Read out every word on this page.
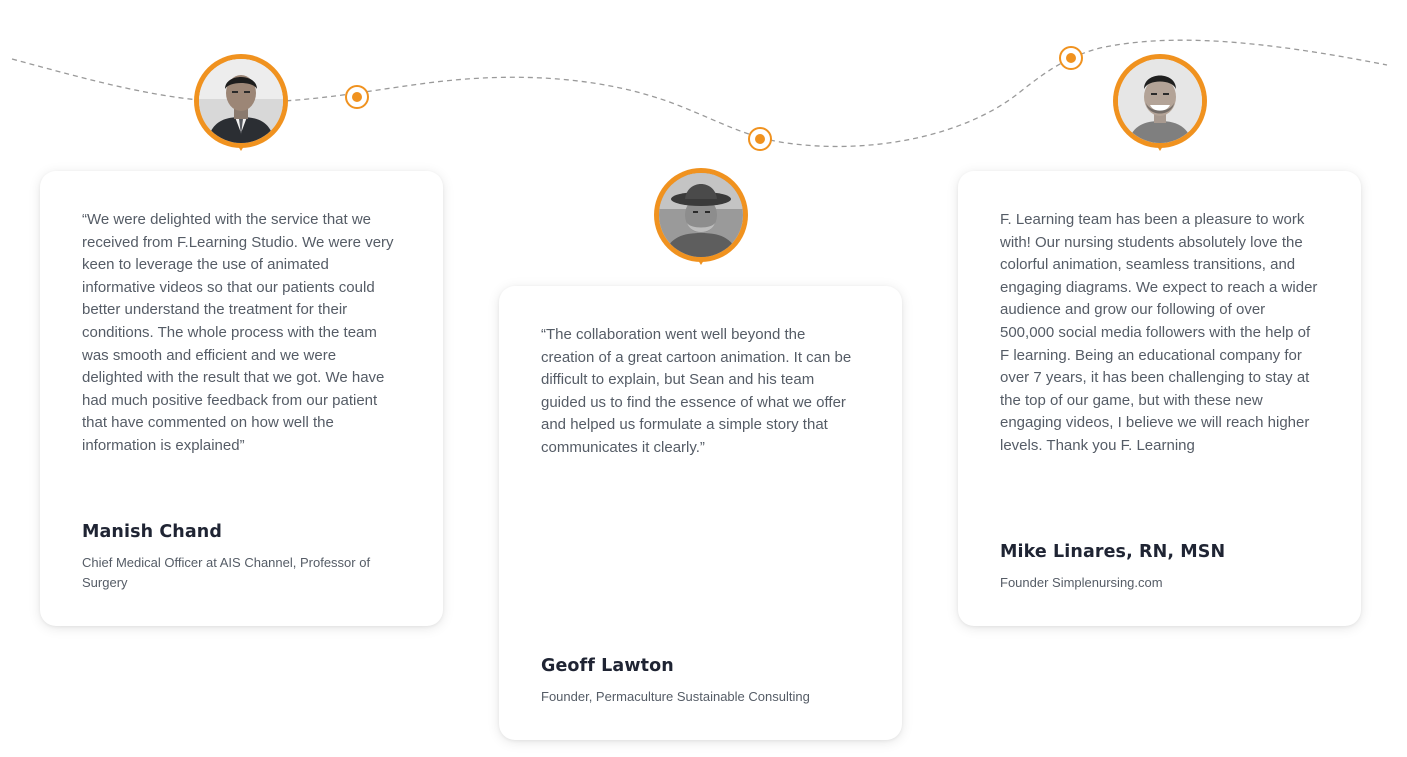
“We were delighted with the service that we
received from F.Learning Studio. We were very
keen to leverage the use of animated
informative videos so that our patients could
better understand the treatment for their
conditions. The whole process with the team
was smooth and efficient and we were
delighted with the result that we got. We have
had much positive feedback from our patient
that have commented on how well the
information is explained”

Manish Chand

Chief Medical Officer at AIS Channel, Professor of
Surgery

“The collaboration went well beyond the
creation of a great cartoon animation. It can be
difficult to explain, but Sean and his team
guided us to find the essence of what we offer
and helped us formulate a simple story that
communicates it clearly.”

Geoff Lawton

Founder, Permaculture Sustainable Consulting

F. Learning team has been a pleasure to work
with! Our nursing students absolutely love the
colorful animation, seamless transitions, and
engaging diagrams. We expect to reach a wider
audience and grow our following of over
500,000 social media followers with the help of
F learning. Being an educational company for
over 7 years, it has been challenging to stay at
the top of our game, but with these new
engaging videos, I believe we will reach higher
levels. Thank you F. Learning

Mike Linares, RN, MSN

Founder Simplenursing.com
